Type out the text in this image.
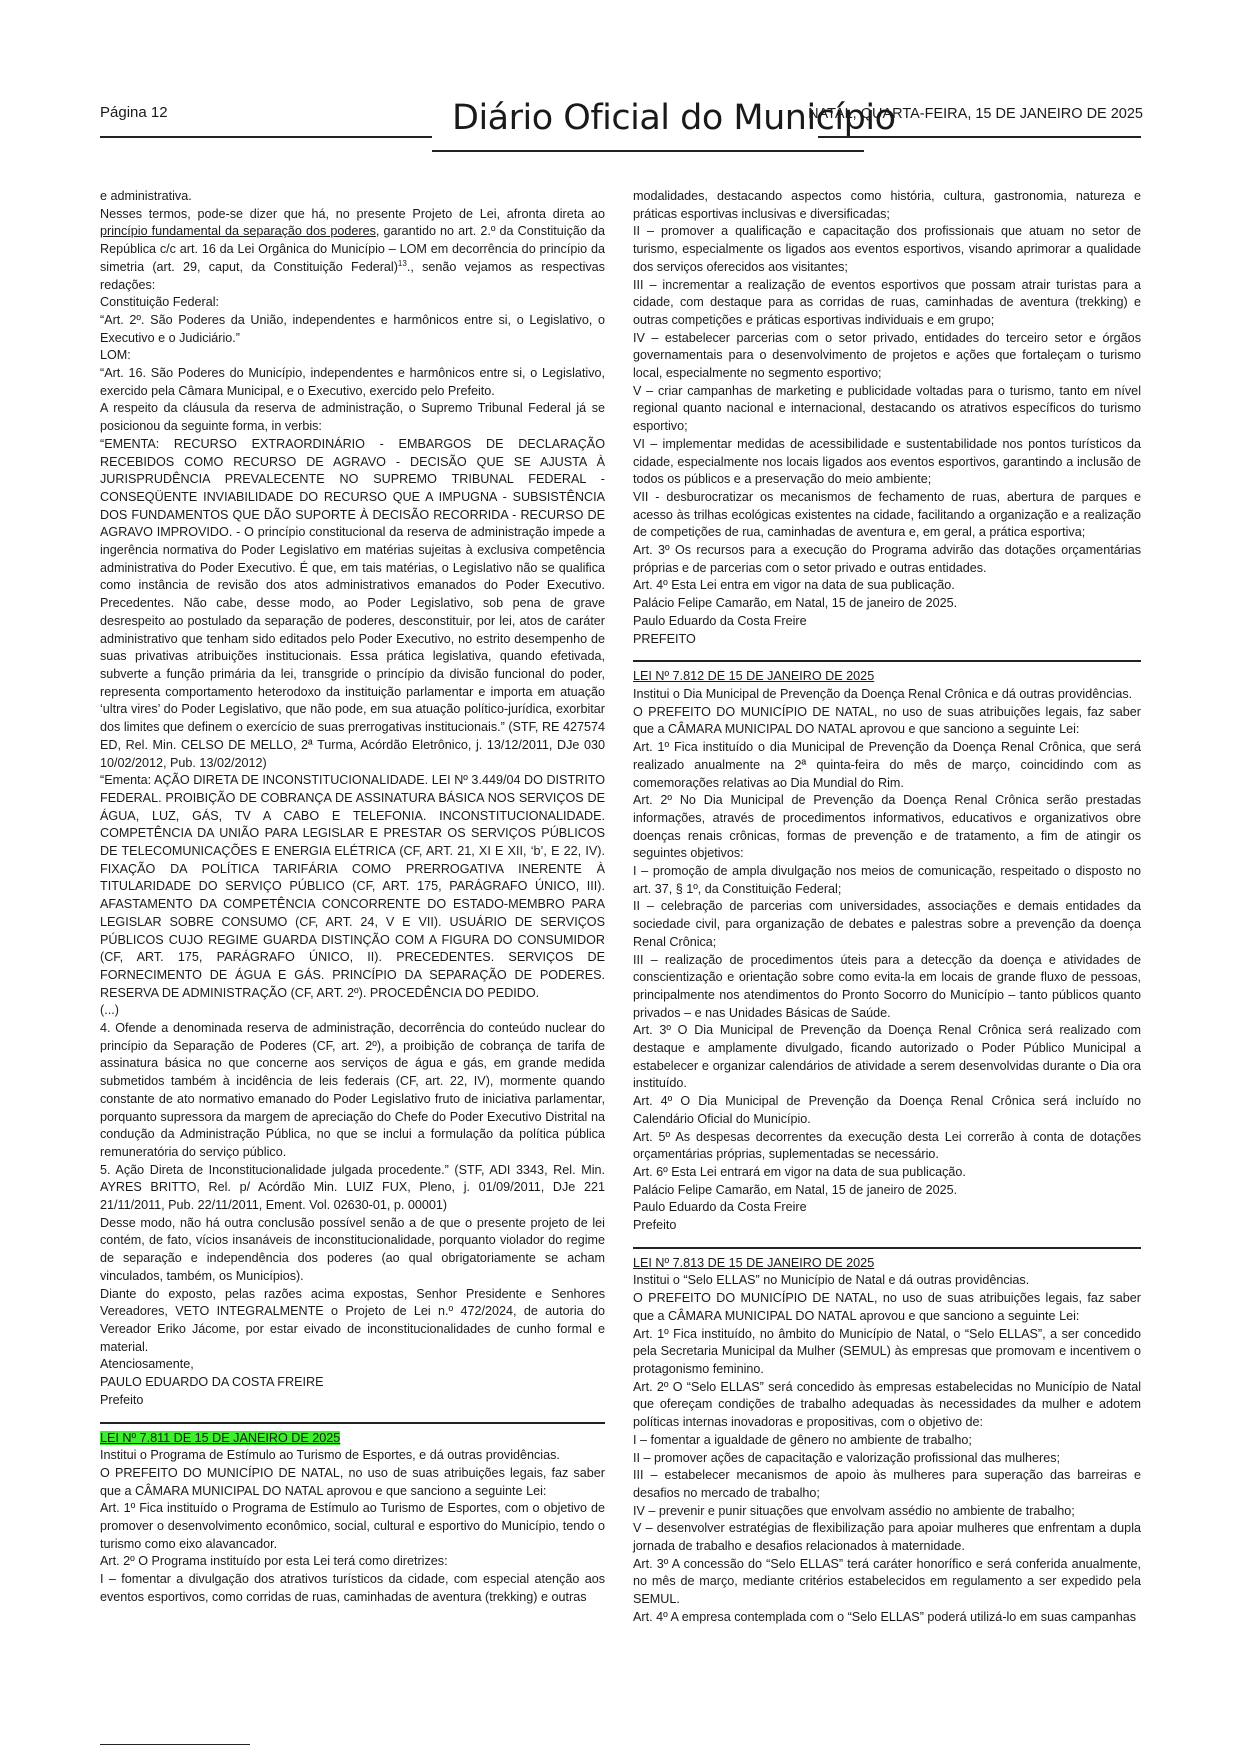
Página 12	Diário Oficial do Município
NATAL, QUARTA-FEIRA, 15 DE JANEIRO DE 2025

e administrativa.

Nesses termos, pode-se dizer que há, no presente Projeto de Lei, afronta direta ao princípio fundamental da separação dos poderes, garantido no art. 2.º da Constituição da República c/c art. 16 da Lei Orgânica do Município – LOM em decorrência do princípio da simetria (art. 29, caput, da Constituição Federal)$^{13}$., senão vejamos as respectivas redações:

Constituição Federal:

“Art. 2º. São Poderes da União, independentes e harmônicos entre si, o Legislativo, o Executivo e o Judiciário.”

LOM:

“Art. 16. São Poderes do Município, independentes e harmônicos entre si, o Legislativo, exercido pela Câmara Municipal, e o Executivo, exercido pelo Prefeito.

A respeito da cláusula da reserva de administração, o Supremo Tribunal Federal já se posicionou da seguinte forma, in verbis:

“EMENTA: RECURSO EXTRAORDINÁRIO - EMBARGOS DE DECLARAÇÃO RECEBIDOS COMO RECURSO DE AGRAVO - DECISÃO QUE SE AJUSTA À JURISPRUDÊNCIA PREVALECENTE NO SUPREMO TRIBUNAL FEDERAL - CONSEQÜENTE INVIABILIDADE DO RECURSO QUE A IMPUGNA - SUBSISTÊNCIA DOS FUNDAMENTOS QUE DÃO SUPORTE À DECISÃO RECORRIDA - RECURSO DE AGRAVO IMPROVIDO. - O princípio constitucional da reserva de administração impede a ingerência normativa do Poder Legislativo em matérias sujeitas à exclusiva competência administrativa do Poder Executivo. É que, em tais matérias, o Legislativo não se qualifica como instância de revisão dos atos administrativos emanados do Poder Executivo. Precedentes. Não cabe, desse modo, ao Poder Legislativo, sob pena de grave desrespeito ao postulado da separação de poderes, desconstituir, por lei, atos de caráter administrativo que tenham sido editados pelo Poder Executivo, no estrito desempenho de suas privativas atribuições institucionais. Essa prática legislativa, quando efetivada, subverte a função primária da lei, transgride o princípio da divisão funcional do poder, representa comportamento heterodoxo da instituição parlamentar e importa em atuação ‘ultra vires’ do Poder Legislativo, que não pode, em sua atuação político-jurídica, exorbitar dos limites que definem o exercício de suas prerrogativas institucionais.” (STF, RE 427574 ED, Rel. Min. CELSO DE MELLO, 2ª Turma, Acórdão Eletrônico, j. 13/12/2011, DJe 030 10/02/2012, Pub. 13/02/2012)

“Ementa: AÇÃO DIRETA DE INCONSTITUCIONALIDADE. LEI Nº 3.449/04 DO DISTRITO FEDERAL. PROIBIÇÃO DE COBRANÇA DE ASSINATURA BÁSICA NOS SERVIÇOS DE ÁGUA, LUZ, GÁS, TV A CABO E TELEFONIA. INCONSTITUCIONALIDADE. COMPETÊNCIA DA UNIÃO PARA LEGISLAR E PRESTAR OS SERVIÇOS PÚBLICOS DE TELECOMUNICAÇÕES E ENERGIA ELÉTRICA (CF, ART. 21, XI E XII, ‘b’, E 22, IV). FIXAÇÃO DA POLÍTICA TARIFÁRIA COMO PRERROGATIVA INERENTE À TITULARIDADE DO SERVIÇO PÚBLICO (CF, ART. 175, PARÁGRAFO ÚNICO, III). AFASTAMENTO DA COMPETÊNCIA CONCORRENTE DO ESTADO-MEMBRO PARA LEGISLAR SOBRE CONSUMO (CF, ART. 24, V E VII). USUÁRIO DE SERVIÇOS PÚBLICOS CUJO REGIME GUARDA DISTINÇÃO COM A FIGURA DO CONSUMIDOR (CF, ART. 175, PARÁGRAFO ÚNICO, II). PRECEDENTES. SERVIÇOS DE FORNECIMENTO DE ÁGUA E GÁS. PRINCÍPIO DA SEPARAÇÃO DE PODERES. RESERVA DE ADMINISTRAÇÃO (CF, ART. 2º). PROCEDÊNCIA DO PEDIDO.

(...)

4. Ofende a denominada reserva de administração, decorrência do conteúdo nuclear do princípio da Separação de Poderes (CF, art. 2º), a proibição de cobrança de tarifa de assinatura básica no que concerne aos serviços de água e gás, em grande medida submetidos também à incidência de leis federais (CF, art. 22, IV), mormente quando constante de ato normativo emanado do Poder Legislativo fruto de iniciativa parlamentar, porquanto supressora da margem de apreciação do Chefe do Poder Executivo Distrital na condução da Administração Pública, no que se inclui a formulação da política pública remuneratória do serviço público.

5. Ação Direta de Inconstitucionalidade julgada procedente.” (STF, ADI 3343, Rel. Min. AYRES BRITTO, Rel. p/ Acórdão Min. LUIZ FUX, Pleno, j. 01/09/2011, DJe 221 21/11/2011, Pub. 22/11/2011, Ement. Vol. 02630-01, p. 00001)

Desse modo, não há outra conclusão possível senão a de que o presente projeto de lei contém, de fato, vícios insanáveis de inconstitucionalidade, porquanto violador do regime de separação e independência dos poderes (ao qual obrigatoriamente se acham vinculados, também, os Municípios).

Diante do exposto, pelas razões acima expostas, Senhor Presidente e Senhores Vereadores, VETO INTEGRALMENTE o Projeto de Lei n.º 472/2024, de autoria do Vereador Eriko Jácome, por estar eivado de inconstitucionalidades de cunho formal e material.

Atenciosamente,

PAULO EDUARDO DA COSTA FREIRE

Prefeito

LEI Nº 7.811 DE 15 DE JANEIRO DE 2025

Institui o Programa de Estímulo ao Turismo de Esportes, e dá outras providências.

O PREFEITO DO MUNICÍPIO DE NATAL, no uso de suas atribuições legais, faz saber que a CÂMARA MUNICIPAL DO NATAL aprovou e que sanciono a seguinte Lei:

Art. 1º Fica instituído o Programa de Estímulo ao Turismo de Esportes, com o objetivo de promover o desenvolvimento econômico, social, cultural e esportivo do Município, tendo o turismo como eixo alavancador.

Art. 2º O Programa instituído por esta Lei terá como diretrizes:

I – fomentar a divulgação dos atrativos turísticos da cidade, com especial atenção aos eventos esportivos, como corridas de ruas, caminhadas de aventura (trekking) e outras

modalidades, destacando aspectos como história, cultura, gastronomia, natureza e práticas esportivas inclusivas e diversificadas;

II – promover a qualificação e capacitação dos profissionais que atuam no setor de turismo, especialmente os ligados aos eventos esportivos, visando aprimorar a qualidade dos serviços oferecidos aos visitantes;

III – incrementar a realização de eventos esportivos que possam atrair turistas para a cidade, com destaque para as corridas de ruas, caminhadas de aventura (trekking) e outras competições e práticas esportivas individuais e em grupo;

IV – estabelecer parcerias com o setor privado, entidades do terceiro setor e órgãos governamentais para o desenvolvimento de projetos e ações que fortaleçam o turismo local, especialmente no segmento esportivo;

V – criar campanhas de marketing e publicidade voltadas para o turismo, tanto em nível regional quanto nacional e internacional, destacando os atrativos específicos do turismo esportivo;

VI – implementar medidas de acessibilidade e sustentabilidade nos pontos turísticos da cidade, especialmente nos locais ligados aos eventos esportivos, garantindo a inclusão de todos os públicos e a preservação do meio ambiente;

VII - desburocratizar os mecanismos de fechamento de ruas, abertura de parques e acesso às trilhas ecológicas existentes na cidade, facilitando a organização e a realização de competições de rua, caminhadas de aventura e, em geral, a prática esportiva;

Art. 3º Os recursos para a execução do Programa advirão das dotações orçamentárias próprias e de parcerias com o setor privado e outras entidades.

Art. 4º Esta Lei entra em vigor na data de sua publicação.

Palácio Felipe Camarão, em Natal, 15 de janeiro de 2025.

Paulo Eduardo da Costa Freire

PREFEITO

LEI Nº 7.812 DE 15 DE JANEIRO DE 2025

Institui o Dia Municipal de Prevenção da Doença Renal Crônica e dá outras providências.

O PREFEITO DO MUNICÍPIO DE NATAL, no uso de suas atribuições legais, faz saber que a CÂMARA MUNICIPAL DO NATAL aprovou e que sanciono a seguinte Lei:

Art. 1º Fica instituído o dia Municipal de Prevenção da Doença Renal Crônica, que será realizado anualmente na 2ª quinta-feira do mês de março, coincidindo com as comemorações relativas ao Dia Mundial do Rim.

Art. 2º No Dia Municipal de Prevenção da Doença Renal Crônica serão prestadas informações, através de procedimentos informativos, educativos e organizativos obre doenças renais crônicas, formas de prevenção e de tratamento, a fim de atingir os seguintes objetivos:

I – promoção de ampla divulgação nos meios de comunicação, respeitado o disposto no art. 37, § 1º, da Constituição Federal;

II – celebração de parcerias com universidades, associações e demais entidades da sociedade civil, para organização de debates e palestras sobre a prevenção da doença Renal Crônica;

III – realização de procedimentos úteis para a detecção da doença e atividades de conscientização e orientação sobre como evita-la em locais de grande fluxo de pessoas, principalmente nos atendimentos do Pronto Socorro do Município – tanto públicos quanto privados – e nas Unidades Básicas de Saúde.

Art. 3º O Dia Municipal de Prevenção da Doença Renal Crônica será realizado com destaque e amplamente divulgado, ficando autorizado o Poder Público Municipal a estabelecer e organizar calendários de atividade a serem desenvolvidas durante o Dia ora instituído.

Art. 4º O Dia Municipal de Prevenção da Doença Renal Crônica será incluído no Calendário Oficial do Município.

Art. 5º As despesas decorrentes da execução desta Lei correrão à conta de dotações orçamentárias próprias, suplementadas se necessário.

Art. 6º Esta Lei entrará em vigor na data de sua publicação.

Palácio Felipe Camarão, em Natal, 15 de janeiro de 2025.

Paulo Eduardo da Costa Freire

Prefeito

LEI Nº 7.813 DE 15 DE JANEIRO DE 2025

Institui o “Selo ELLAS” no Município de Natal e dá outras providências.

O PREFEITO DO MUNICÍPIO DE NATAL, no uso de suas atribuições legais, faz saber que a CÂMARA MUNICIPAL DO NATAL aprovou e que sanciono a seguinte Lei:

Art. 1º Fica instituído, no âmbito do Município de Natal, o “Selo ELLAS”, a ser concedido pela Secretaria Municipal da Mulher (SEMUL) às empresas que promovam e incentivem o protagonismo feminino.

Art. 2º O “Selo ELLAS” será concedido às empresas estabelecidas no Município de Natal que ofereçam condições de trabalho adequadas às necessidades da mulher e adotem políticas internas inovadoras e propositivas, com o objetivo de:

I – fomentar a igualdade de gênero no ambiente de trabalho;

II – promover ações de capacitação e valorização profissional das mulheres;

III – estabelecer mecanismos de apoio às mulheres para superação das barreiras e desafios no mercado de trabalho;

IV – prevenir e punir situações que envolvam assédio no ambiente de trabalho;

V – desenvolver estratégias de flexibilização para apoiar mulheres que enfrentam a dupla jornada de trabalho e desafios relacionados à maternidade.

Art. 3º A concessão do “Selo ELLAS” terá caráter honorífico e será conferida anualmente, no mês de março, mediante critérios estabelecidos em regulamento a ser expedido pela SEMUL.

Art. 4º A empresa contemplada com o “Selo ELLAS” poderá utilizá-lo em suas campanhas
